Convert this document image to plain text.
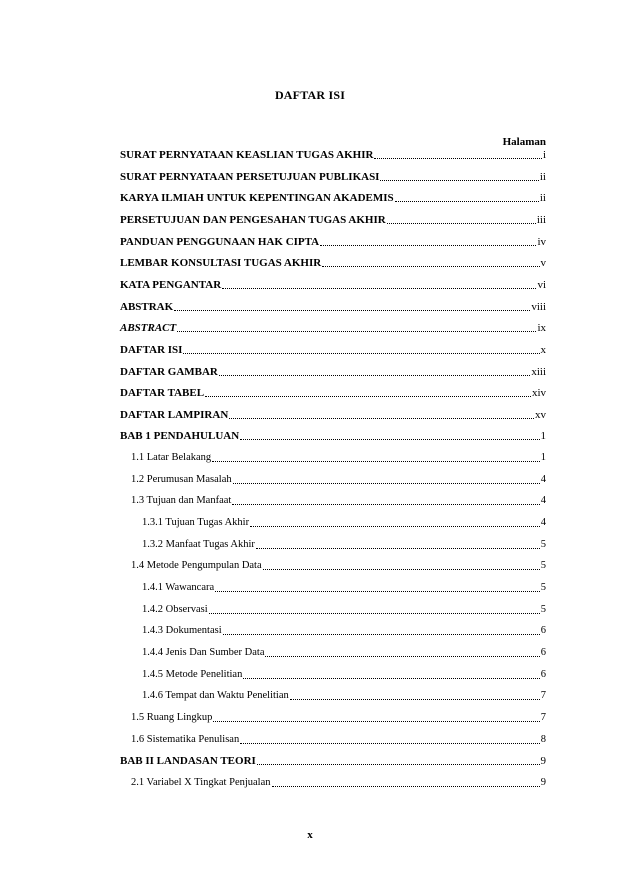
DAFTAR ISI
Halaman
SURAT PERNYATAAN KEASLIAN TUGAS AKHIR	i
SURAT PERNYATAAN PERSETUJUAN PUBLIKASI	ii
KARYA ILMIAH UNTUK KEPENTINGAN AKADEMIS	ii
PERSETUJUAN DAN PENGESAHAN TUGAS AKHIR	iii
PANDUAN PENGGUNAAN HAK CIPTA	iv
LEMBAR KONSULTASI TUGAS AKHIR	v
KATA PENGANTAR	vi
ABSTRAK	viii
ABSTRACT	ix
DAFTAR ISI	x
DAFTAR GAMBAR	xiii
DAFTAR TABEL	xiv
DAFTAR LAMPIRAN	xv
BAB 1 PENDAHULUAN	1
1.1 Latar Belakang	1
1.2 Perumusan Masalah	4
1.3 Tujuan dan Manfaat	4
1.3.1 Tujuan Tugas Akhir	4
1.3.2 Manfaat Tugas Akhir	5
1.4 Metode Pengumpulan Data	5
1.4.1 Wawancara	5
1.4.2 Observasi	5
1.4.3 Dokumentasi	6
1.4.4 Jenis Dan Sumber Data	6
1.4.5 Metode Penelitian	6
1.4.6 Tempat dan Waktu Penelitian	7
1.5 Ruang Lingkup	7
1.6 Sistematika Penulisan	8
BAB II LANDASAN TEORI	9
2.1 Variabel X Tingkat Penjualan	9
x
